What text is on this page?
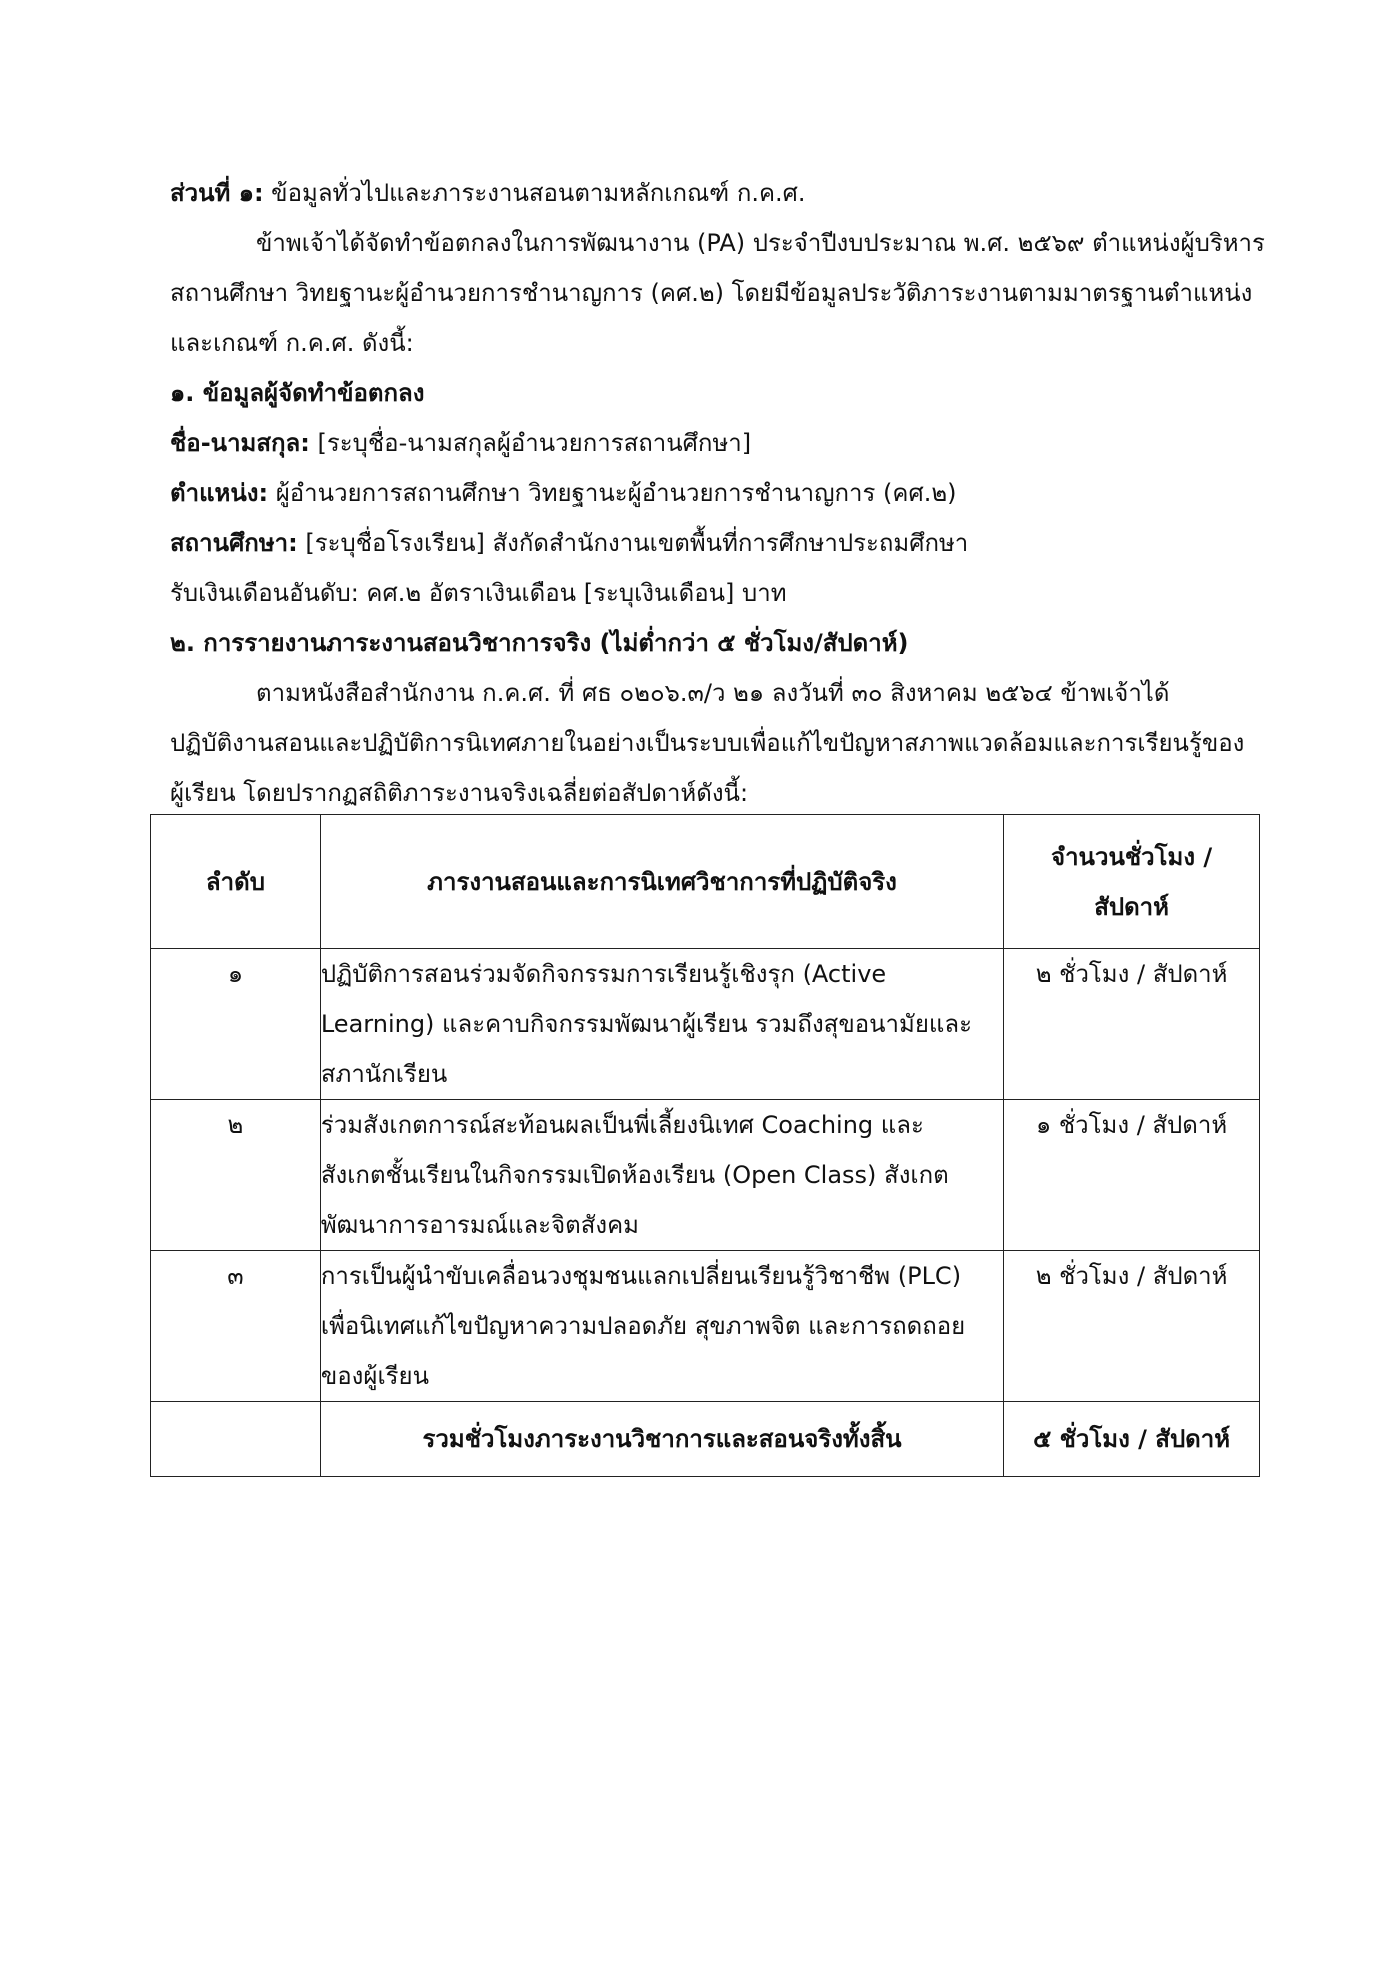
ส่วนที่ ๑: ข้อมูลทั่วไปและภาระงานสอนตามหลักเกณฑ์ ก.ค.ศ.
ข้าพเจ้าได้จัดทำข้อตกลงในการพัฒนางาน (PA) ประจำปีงบประมาณ พ.ศ. ๒๕๖๙ ตำแหน่งผู้บริหาร
สถานศึกษา วิทยฐานะผู้อำนวยการชำนาญการ (คศ.๒) โดยมีข้อมูลประวัติภาระงานตามมาตรฐานตำแหน่ง
และเกณฑ์ ก.ค.ศ. ดังนี้:
๑. ข้อมูลผู้จัดทำข้อตกลง
ชื่อ-นามสกุล: [ระบุชื่อ-นามสกุลผู้อำนวยการสถานศึกษา]
ตำแหน่ง: ผู้อำนวยการสถานศึกษา วิทยฐานะผู้อำนวยการชำนาญการ (คศ.๒)
สถานศึกษา: [ระบุชื่อโรงเรียน] สังกัดสำนักงานเขตพื้นที่การศึกษาประถมศึกษา
รับเงินเดือนอันดับ: คศ.๒ อัตราเงินเดือน [ระบุเงินเดือน] บาท
๒. การรายงานภาระงานสอนวิชาการจริง (ไม่ต่ำกว่า ๕ ชั่วโมง/สัปดาห์)
ตามหนังสือสำนักงาน ก.ค.ศ. ที่ ศธ ๐๒๐๖.๓/ว ๒๑ ลงวันที่ ๓๐ สิงหาคม ๒๕๖๔ ข้าพเจ้าได้
ปฏิบัติงานสอนและปฏิบัติการนิเทศภายในอย่างเป็นระบบเพื่อแก้ไขปัญหาสภาพแวดล้อมและการเรียนรู้ของ
ผู้เรียน โดยปรากฏสถิติภาระงานจริงเฉลี่ยต่อสัปดาห์ดังนี้:
ลำดับ	ภารงานสอนและการนิเทศวิชาการที่ปฏิบัติจริง	จำนวนชั่วโมง /
สัปดาห์

๑	ปฏิบัติการสอนร่วมจัดกิจกรรมการเรียนรู้เชิงรุก (Active
Learning) และคาบกิจกรรมพัฒนาผู้เรียน รวมถึงสุขอนามัยและ
สภานักเรียน	๒ ชั่วโมง / สัปดาห์
๒	ร่วมสังเกตการณ์สะท้อนผลเป็นพี่เลี้ยงนิเทศ Coaching และ
สังเกตชั้นเรียนในกิจกรรมเปิดห้องเรียน (Open Class) สังเกต
พัฒนาการอารมณ์และจิตสังคม	๑ ชั่วโมง / สัปดาห์
๓	การเป็นผู้นำขับเคลื่อนวงชุมชนแลกเปลี่ยนเรียนรู้วิชาชีพ (PLC)
เพื่อนิเทศแก้ไขปัญหาความปลอดภัย สุขภาพจิต และการถดถอย
ของผู้เรียน	๒ ชั่วโมง / สัปดาห์
	รวมชั่วโมงภาระงานวิชาการและสอนจริงทั้งสิ้น	๕ ชั่วโมง / สัปดาห์
